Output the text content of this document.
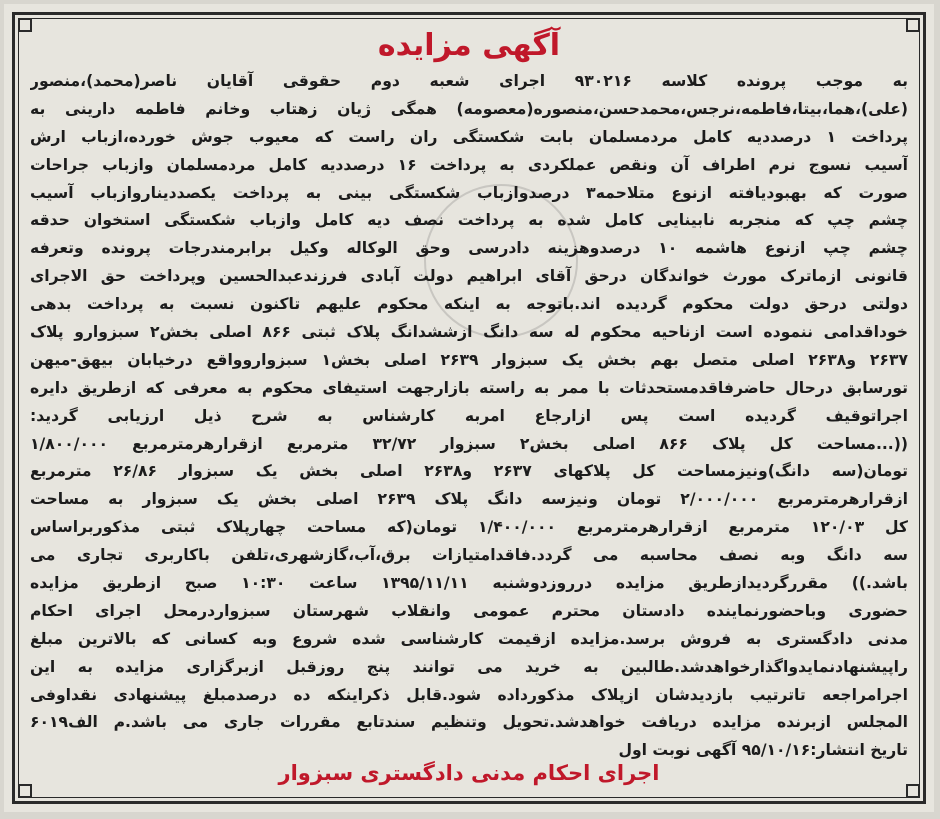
آگهی مزایده
به موجب پرونده کلاسه ۹۳۰۲۱۶ اجرای شعبه دوم حقوقی آقایان ناصر(محمد)،منصور
(علی)،هما،بیتا،فاطمه،نرجس،محمدحسن،منصوره(معصومه) همگی ژیان زهتاب وخانم فاطمه دارینی به
پرداخت ۱ درصددیه کامل مردمسلمان بابت شکستگی ران راست که معیوب جوش خورده،ازباب ارش
آسیب نسوج نرم اطراف آن ونقص عملکردی به پرداخت ۱۶ درصددیه کامل مردمسلمان وازباب جراحات
صورت که بهبودیافته ازنوع متلاحمه۳ درصدوازباب شکستگی بینی به پرداخت یکصددیناروازباب آسیب
چشم چپ که منجربه نابینایی کامل شده به پرداخت نصف دیه کامل وازباب شکستگی استخوان حدقه
چشم چپ ازنوع هاشمه ۱۰ درصدوهزینه دادرسی وحق الوکاله وکیل برابرمندرجات پرونده وتعرفه
قانونی ازماترک مورث خواندگان درحق آقای ابراهیم دولت آبادی فرزندعبدالحسین وپرداخت حق الاجرای
دولتی درحق دولت محکوم گردیده اند.باتوجه به اینکه محکوم علیهم تاکنون نسبت به پرداخت بدهی
خوداقدامی ننموده است ازناحیه محکوم له سه دانگ ازششدانگ پلاک ثبتی ۸۶۶ اصلی بخش۲ سبزوارو پلاک
۲۶۳۷ و۲۶۳۸ اصلی متصل بهم بخش یک سبزوار ۲۶۳۹ اصلی بخش۱ سبزواروواقع درخیابان بیهق-میهن
تورسابق درحال حاضرفاقدمستحدثات با ممر به راسته بازارجهت استیفای محکوم به معرفی که ازطریق دایره
اجراتوقیف گردیده است پس ازارجاع امربه کارشناس به شرح ذیل ارزیابی گردید:
((...مساحت کل پلاک ۸۶۶ اصلی بخش۲ سبزوار ۳۲/۷۲ مترمربع ازقرارهرمترمربع ۱/۸۰۰/۰۰۰
تومان(سه دانگ)ونیزمساحت کل پلاکهای ۲۶۳۷ و۲۶۳۸ اصلی بخش یک سبزوار ۲۶/۸۶ مترمربع
ازقرارهرمترمربع ۲/۰۰۰/۰۰۰ تومان ونیزسه دانگ پلاک ۲۶۳۹ اصلی بخش یک سبزوار به مساحت
کل ۱۲۰/۰۳ مترمربع ازقرارهرمترمربع ۱/۴۰۰/۰۰۰ تومان(که مساحت چهارپلاک ثبتی مذکوربراساس
سه دانگ وبه نصف محاسبه می گردد.فاقدامتیازات برق،آب،گازشهری،تلفن باکاربری تجاری می
باشد.)) مقررگردیدازطریق مزایده درروزدوشنبه ۱۳۹۵/۱۱/۱۱ ساعت ۱۰:۳۰ صبح ازطریق مزایده
حضوری وباحضورنماینده دادستان محترم عمومی وانقلاب شهرستان سبزواردرمحل اجرای احکام
مدنی دادگستری به فروش برسد.مزایده ازقیمت کارشناسی شده شروع وبه کسانی که بالاترین مبلغ
راپیشنهادنمایدواگذارخواهدشد.طالبین به خرید می توانند پنج روزقبل ازبرگزاری مزایده به این
اجرامراجعه تاترتیب بازدیدشان ازپلاک مذکورداده شود.قابل ذکراینکه ده درصدمبلغ پیشنهادی نقداوفی
المجلس ازبرنده مزایده دریافت خواهدشد.تحویل وتنظیم سندتابع مقررات جاری می باشد.م الف۶۰۱۹
تاریخ انتشار:۹۵/۱۰/۱۶ آگهی نوبت اول
اجرای احکام مدنی دادگستری سبزوار
